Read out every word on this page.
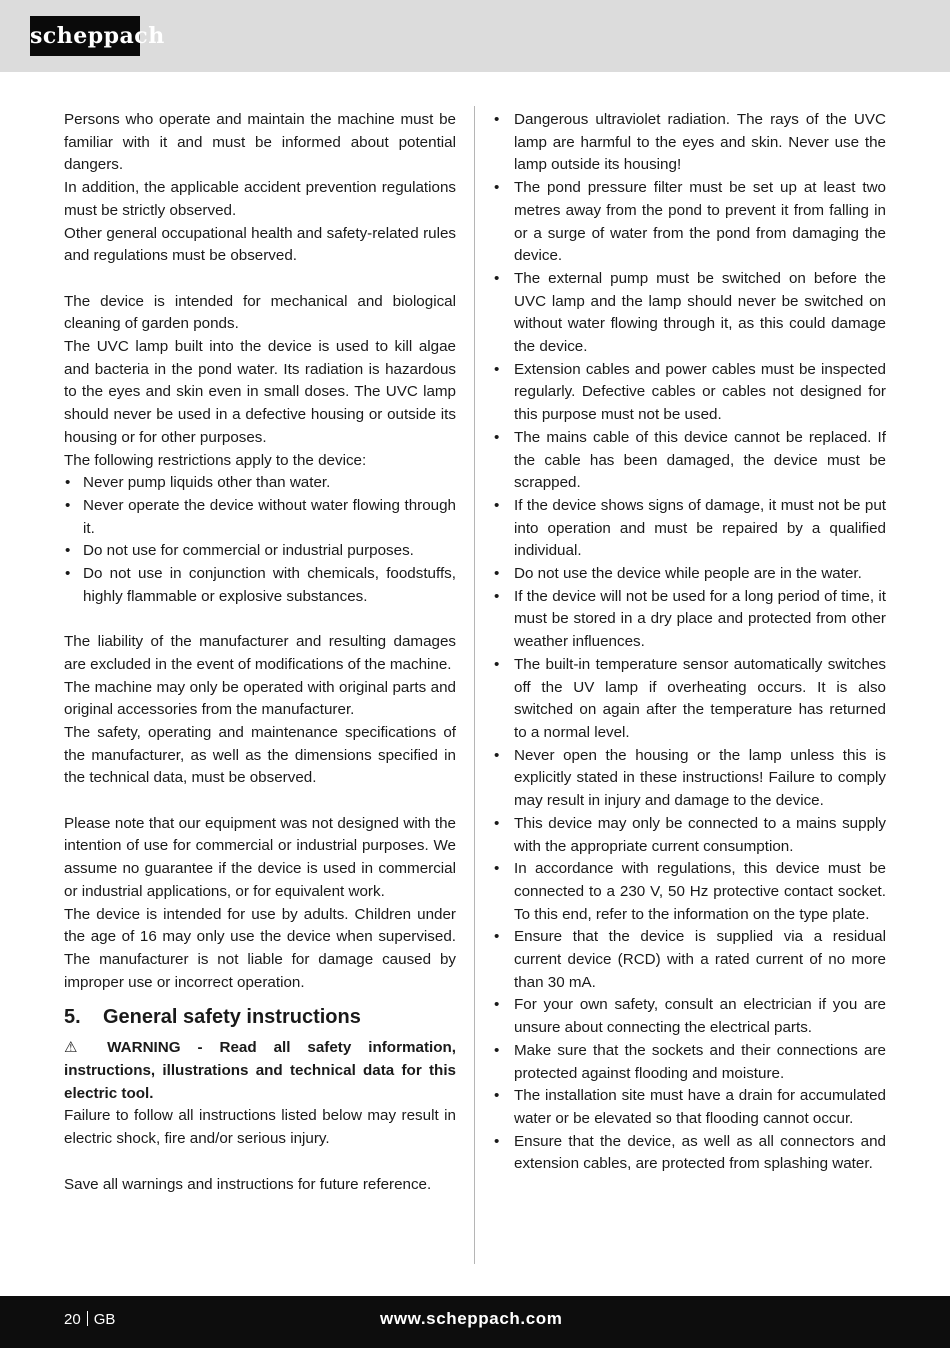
scheppach

Persons who operate and maintain the machine must be familiar with it and must be informed about potential dangers.

In addition, the applicable accident prevention regulations must be strictly observed.

Other general occupational health and safety-related rules and regulations must be observed.

The device is intended for mechanical and biological cleaning of garden ponds.

The UVC lamp built into the device is used to kill algae and bacteria in the pond water. Its radiation is hazardous to the eyes and skin even in small doses. The UVC lamp should never be used in a defective housing or outside its housing or for other purposes.

The following restrictions apply to the device:

• Never pump liquids other than water.
• Never operate the device without water flowing through it.
• Do not use for commercial or industrial purposes.
• Do not use in conjunction with chemicals, foodstuffs, highly flammable or explosive substances.

The liability of the manufacturer and resulting damages are excluded in the event of modifications of the machine.

The machine may only be operated with original parts and original accessories from the manufacturer.

The safety, operating and maintenance specifications of the manufacturer, as well as the dimensions specified in the technical data, must be observed.

Please note that our equipment was not designed with the intention of use for commercial or industrial purposes. We assume no guarantee if the device is used in commercial or industrial applications, or for equivalent work.

The device is intended for use by adults. Children under the age of 16 may only use the device when supervised. The manufacturer is not liable for damage caused by improper use or incorrect operation.

5.	General safety instructions

⚠ WARNING - Read all safety information, instructions, illustrations and technical data for this electric tool.

Failure to follow all instructions listed below may result in electric shock, fire and/or serious injury.

Save all warnings and instructions for future reference.

• Dangerous ultraviolet radiation. The rays of the UVC lamp are harmful to the eyes and skin. Never use the lamp outside its housing!
• The pond pressure filter must be set up at least two metres away from the pond to prevent it from falling in or a surge of water from the pond from damaging the device.
• The external pump must be switched on before the UVC lamp and the lamp should never be switched on without water flowing through it, as this could damage the device.
• Extension cables and power cables must be inspected regularly. Defective cables or cables not designed for this purpose must not be used.
• The mains cable of this device cannot be replaced. If the cable has been damaged, the device must be scrapped.
• If the device shows signs of damage, it must not be put into operation and must be repaired by a qualified individual.
• Do not use the device while people are in the water.
• If the device will not be used for a long period of time, it must be stored in a dry place and protected from other weather influences.
• The built-in temperature sensor automatically switches off the UV lamp if overheating occurs. It is also switched on again after the temperature has returned to a normal level.
• Never open the housing or the lamp unless this is explicitly stated in these instructions! Failure to comply may result in injury and damage to the device.
• This device may only be connected to a mains supply with the appropriate current consumption.
• In accordance with regulations, this device must be connected to a 230 V, 50 Hz protective contact socket. To this end, refer to the information on the type plate.
• Ensure that the device is supplied via a residual current device (RCD) with a rated current of no more than 30 mA.
• For your own safety, consult an electrician if you are unsure about connecting the electrical parts.
• Make sure that the sockets and their connections are protected against flooding and moisture.
• The installation site must have a drain for accumulated water or be elevated so that flooding cannot occur.
• Ensure that the device, as well as all connectors and extension cables, are protected from splashing water.
20 GB	www.scheppach.com
